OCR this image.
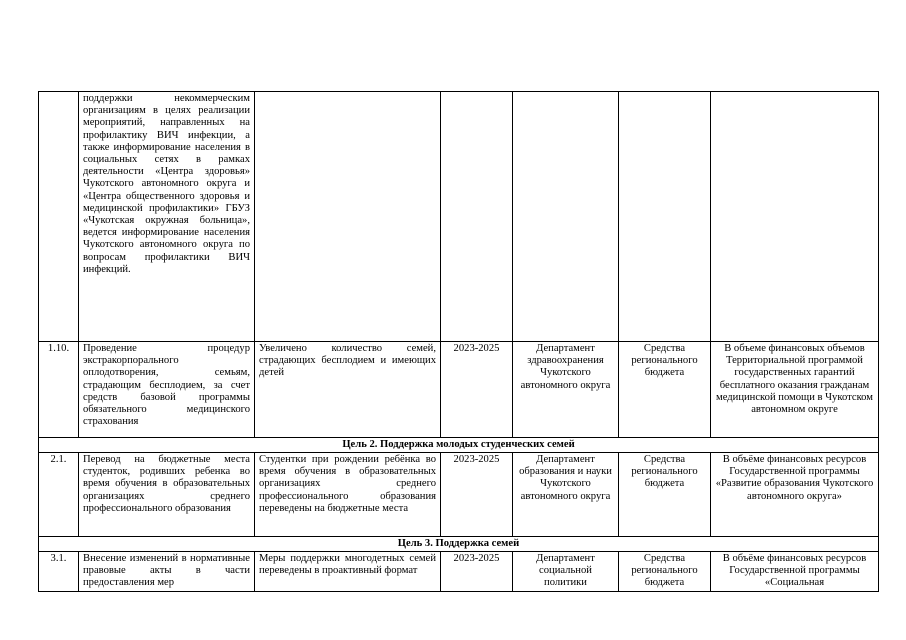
	поддержки некоммерческим организациям в целях реализации мероприятий, направленных на профилактику ВИЧ инфекции, а также информирование населения в социальных сетях в рамках деятельности «Центра здоровья» Чукотского автономного округа и «Центра общественного здоровья и медицинской профилактики» ГБУЗ «Чукотская окружная больница», ведется информирование населения Чукотского автономного округа по вопросам профилактики ВИЧ инфекций.					
1.10.	Проведение процедур экстракорпорального оплодотворения, семьям, страдающим бесплодием, за счет средств базовой программы обязательного медицинского страхования	Увеличено количество семей, страдающих бесплодием и имеющих детей	2023-2025	Департамент здравоохранения Чукотского автономного округа	Средства регионального бюджета	В объеме финансовых объемов Территориальной программой государственных гарантий бесплатного оказания гражданам медицинской помощи в Чукотском автономном округе
Цель 2. Поддержка молодых студенческих семей						
2.1.	Перевод на бюджетные места студенток, родивших ребенка во время обучения в образовательных организациях среднего профессионального образования	Студентки при рождении ребёнка во время обучения в образовательных организациях среднего профессионального образования переведены на бюджетные места	2023-2025	Департамент образования и науки Чукотского автономного округа	Средства регионального бюджета	В объёме финансовых ресурсов Государственной программы «Развитие образования Чукотского автономного округа»
Цель 3. Поддержка семей						
3.1.	Внесение изменений в нормативные правовые акты в части предоставления мер	Меры поддержки многодетных семей переведены в проактивный формат	2023-2025	Департамент социальной политики	Средства регионального бюджета	В объёме финансовых ресурсов Государственной программы «Социальная
